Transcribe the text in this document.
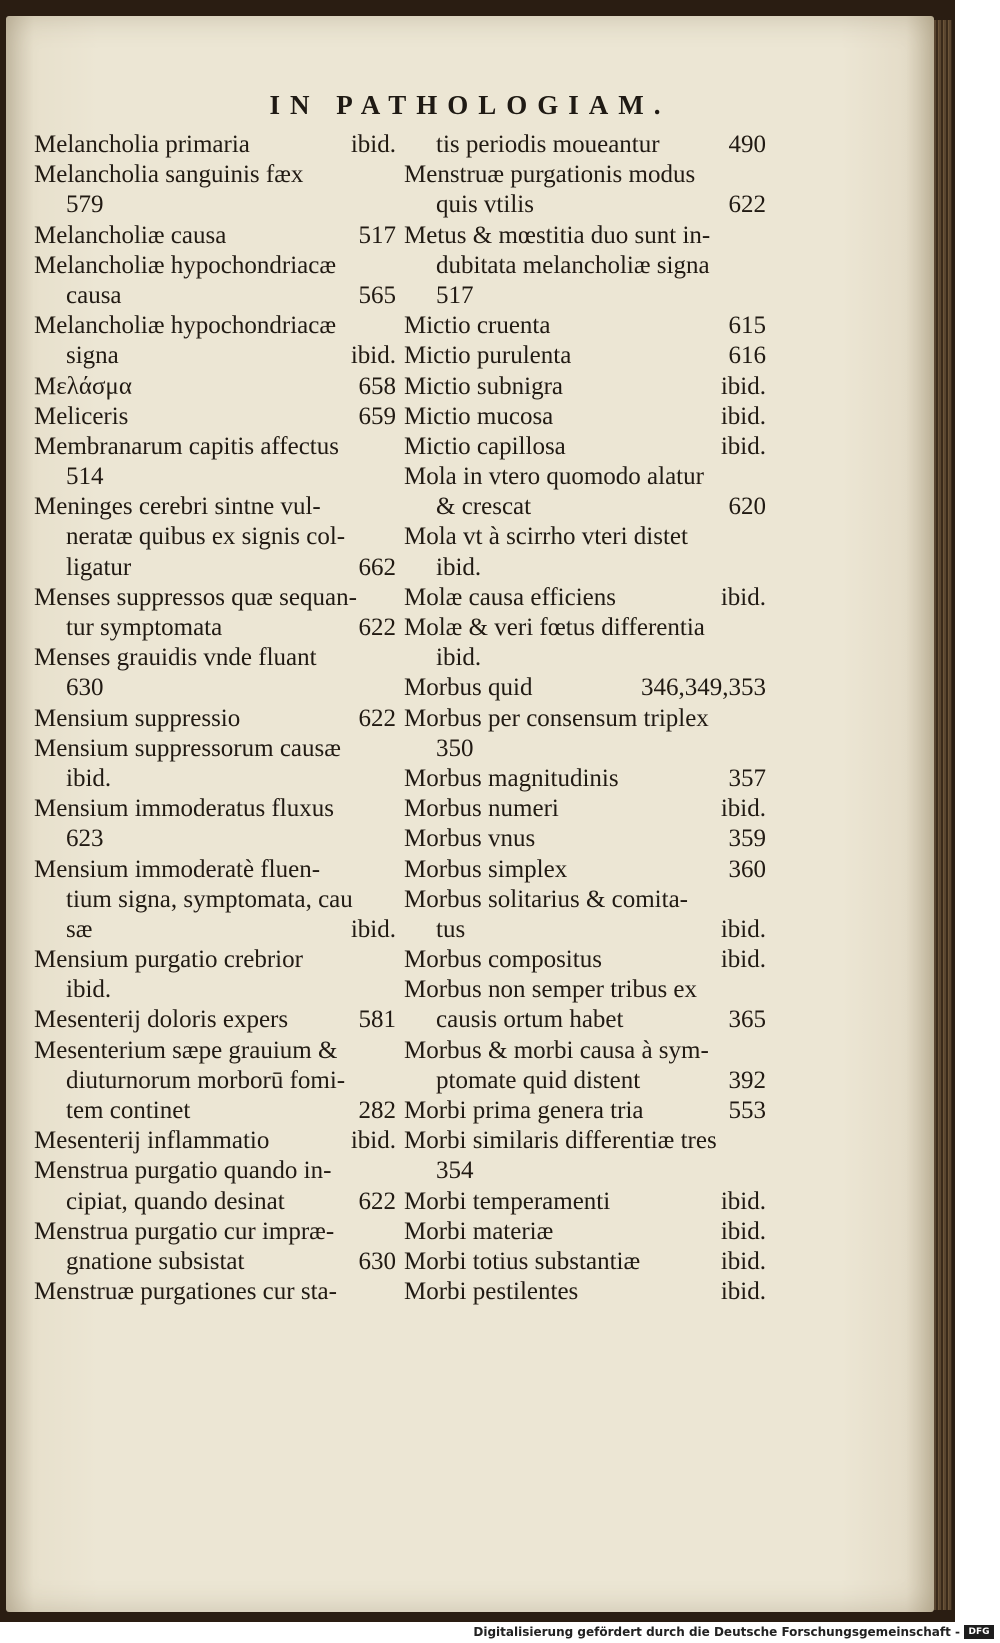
IN PATHOLOGIAM.
Melancholia primaria	ibid.
Melancholia sanguinis fæx
579
Melancholiæ causa	517
Melancholiæ hypochondriacæ
causa	565
Melancholiæ hypochondriacæ
signa	ibid.
Μελάσμα	658
Meliceris	659
Membranarum capitis affectus
514
Meninges cerebri sintne vul-
neratæ quibus ex signis col-
ligatur	662
Menses suppressos quæ sequan-
tur symptomata	622
Menses grauidis vnde fluant
630
Mensium suppressio	622
Mensium suppressorum causæ
ibid.
Mensium immoderatus fluxus
623
Mensium immoderatè fluen-
tium signa, symptomata, cau
sæ	ibid.
Mensium purgatio crebrior
ibid.
Mesenterij doloris expers	581
Mesenterium sæpe grauium &
diuturnorum morborū fomi-
tem continet	282
Mesenterij inflammatio	ibid.
Menstrua purgatio quando in-
cipiat, quando desinat	622
Menstrua purgatio cur impræ-
gnatione subsistat	630
Menstruæ purgationes cur sta-
tis periodis moueantur	490
Menstruæ purgationis modus
quis vtilis	622
Metus & mœstitia duo sunt in-
dubitata melancholiæ signa
517
Mictio cruenta	615
Mictio purulenta	616
Mictio subnigra	ibid.
Mictio mucosa	ibid.
Mictio capillosa	ibid.
Mola in vtero quomodo alatur
& crescat	620
Mola vt à scirrho vteri distet
ibid.
Molæ causa efficiens	ibid.
Molæ & veri fœtus differentia
ibid.
Morbus quid	346,349,353
Morbus per consensum triplex
350
Morbus magnitudinis	357
Morbus numeri	ibid.
Morbus vnus	359
Morbus simplex	360
Morbus solitarius & comita-
tus	ibid.
Morbus compositus	ibid.
Morbus non semper tribus ex
causis ortum habet	365
Morbus & morbi causa à sym-
ptomate quid distent	392
Morbi prima genera tria	553
Morbi similaris differentiæ tres
354
Morbi temperamenti	ibid.
Morbi materiæ	ibid.
Morbi totius substantiæ	ibid.
Morbi pestilentes	ibid.
Digitalisierung gefördert durch die Deutsche Forschungsgemeinschaft - DFG
